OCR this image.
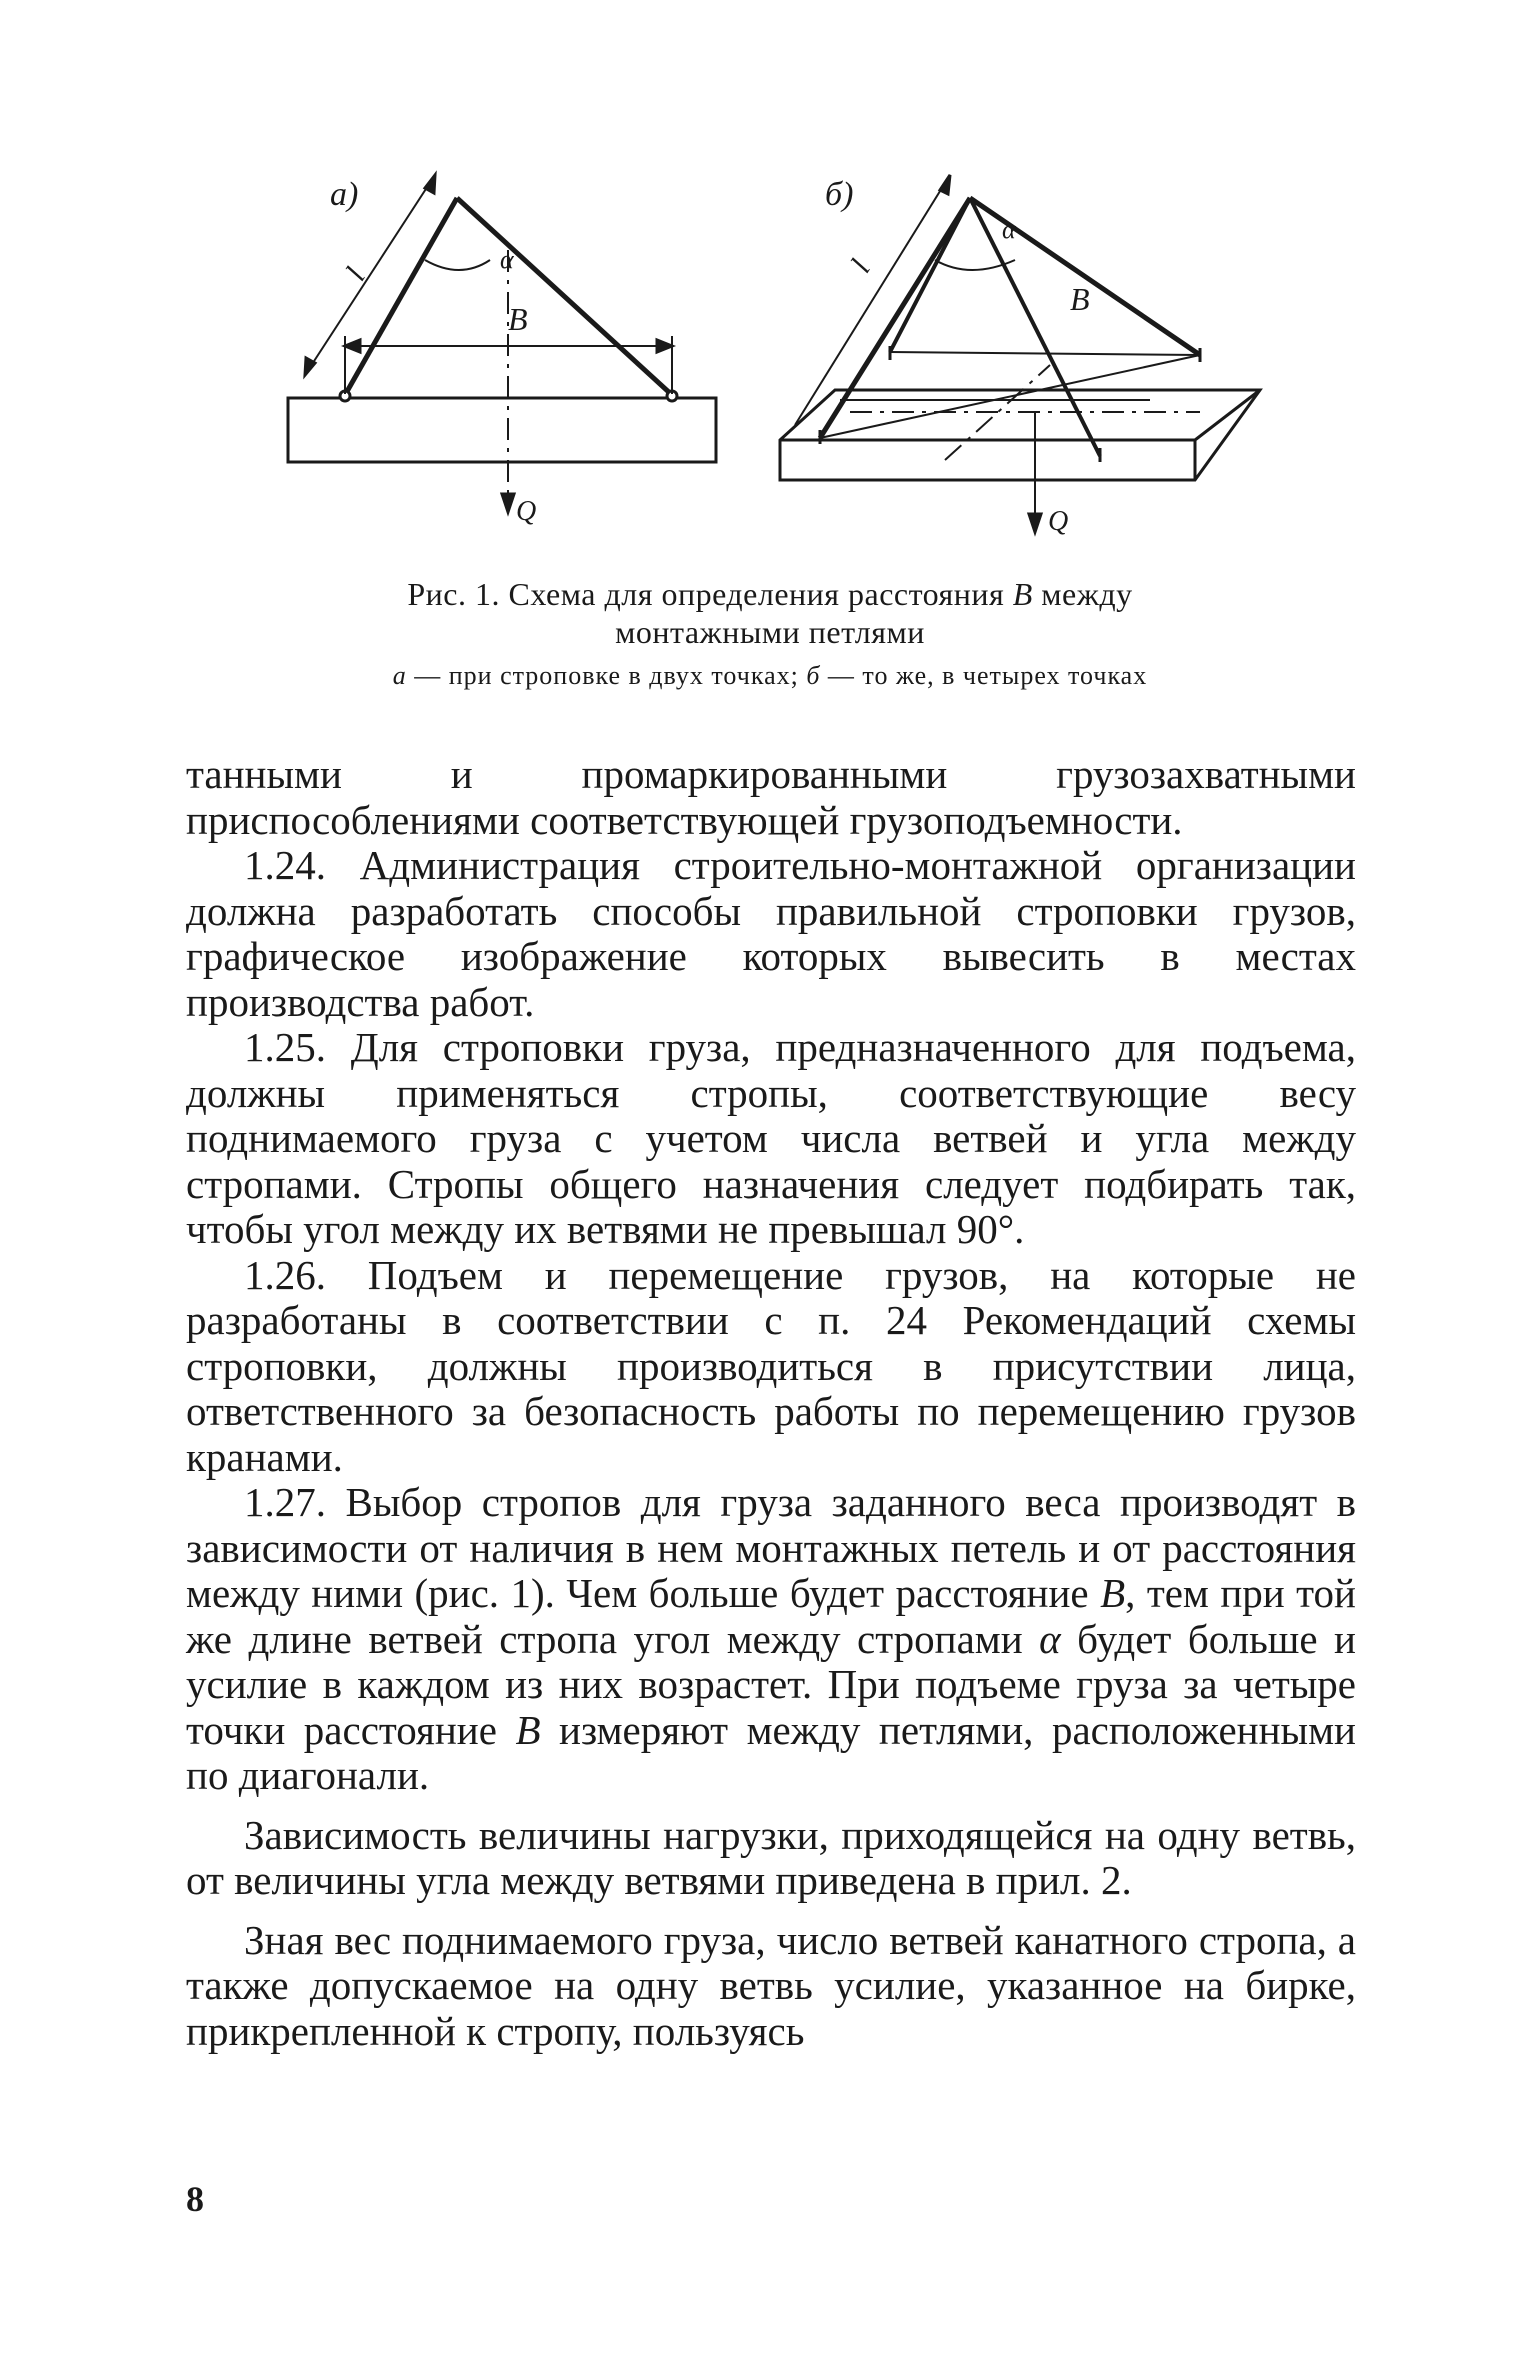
а)
l
α
B
Q
б)
l
α
B
Q
Рис. 1. Схема для определения расстояния B между
монтажными петлями
а — при строповке в двух точках; б — то же, в четырех точках

танными и промаркированными грузозахватными приспособлениями соответствующей грузоподъемности.

1.24. Администрация строительно-монтажной организации должна разработать способы правильной строповки грузов, графическое изображение которых вывесить в местах производства работ.

1.25. Для строповки груза, предназначенного для подъема, должны применяться стропы, соответствующие весу поднимаемого груза с учетом числа ветвей и угла между стропами. Стропы общего назначения следует подбирать так, чтобы угол между их ветвями не превышал 90°.

1.26. Подъем и перемещение грузов, на которые не разработаны в соответствии с п. 24 Рекомендаций схемы строповки, должны производиться в присутствии лица, ответственного за безопасность работы по перемещению грузов кранами.

1.27. Выбор стропов для груза заданного веса производят в зависимости от наличия в нем монтажных петель и от расстояния между ними (рис. 1). Чем больше будет расстояние B, тем при той же длине ветвей стропа угол между стропами α будет больше и усилие в каждом из них возрастет. При подъеме груза за четыре точки расстояние B измеряют между петлями, расположенными по диагонали.

Зависимость величины нагрузки, приходящейся на одну ветвь, от величины угла между ветвями приведена в прил. 2.

Зная вес поднимаемого груза, число ветвей канатного стропа, а также допускаемое на одну ветвь усилие, указанное на бирке, прикрепленной к стропу, пользуясь

8
